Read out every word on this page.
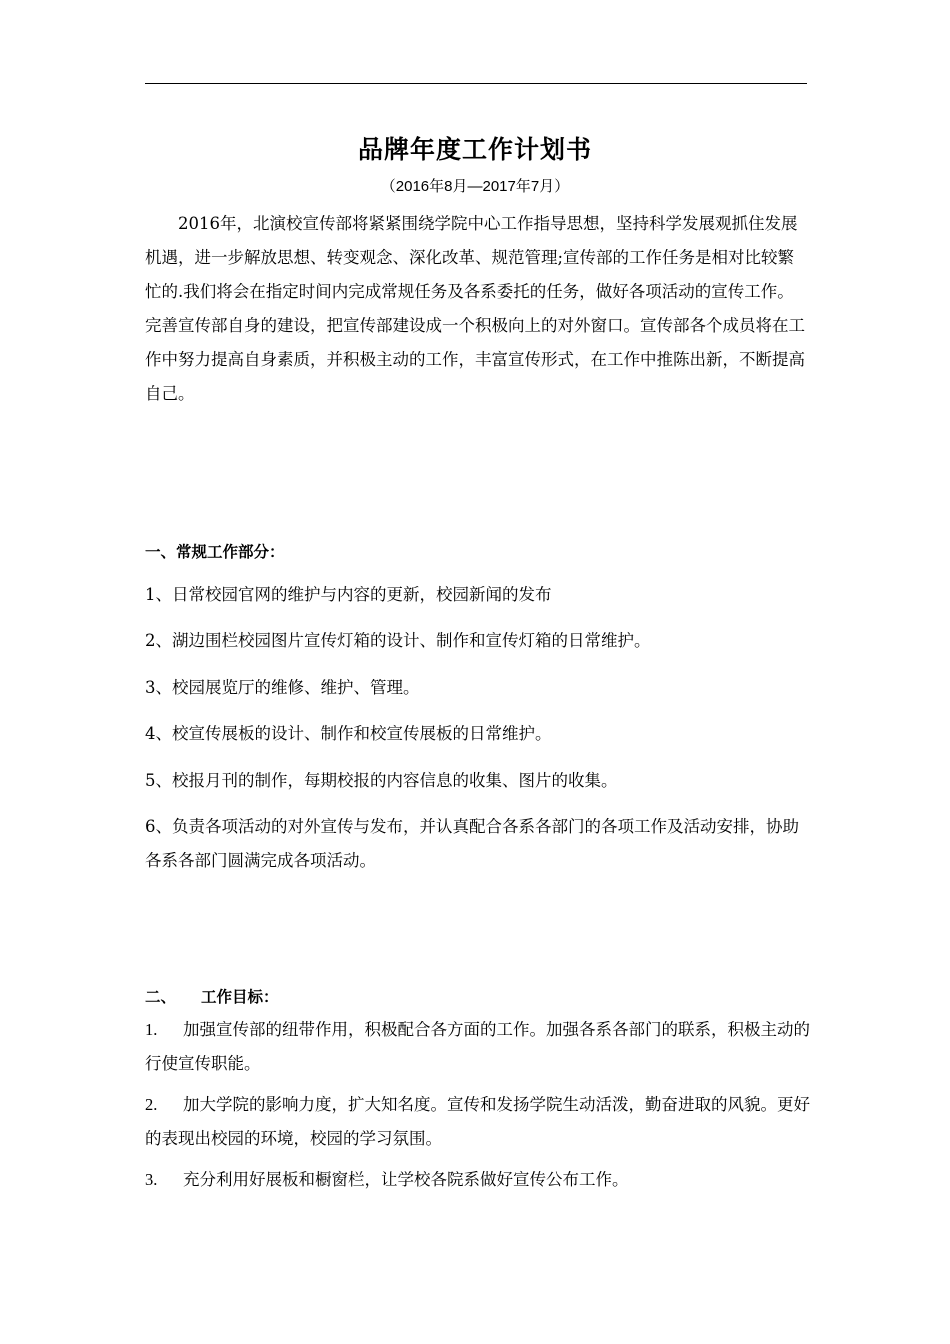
品牌年度工作计划书
（2016年8月—2017年7月）

2016年，北演校宣传部将紧紧围绕学院中心工作指导思想，坚持科学发展观抓住发展机遇，进一步解放思想、转变观念、深化改革、规范管理;宣传部的工作任务是相对比较繁忙的.我们将会在指定时间内完成常规任务及各系委托的任务，做好各项活动的宣传工作。完善宣传部自身的建设，把宣传部建设成一个积极向上的对外窗口。宣传部各个成员将在工作中努力提高自身素质，并积极主动的工作，丰富宣传形式，在工作中推陈出新，不断提高自己。

一、常规工作部分：

1、日常校园官网的维护与内容的更新，校园新闻的发布

2、湖边围栏校园图片宣传灯箱的设计、制作和宣传灯箱的日常维护。

3、校园展览厅的维修、维护、管理。

4、校宣传展板的设计、制作和校宣传展板的日常维护。

5、校报月刊的制作，每期校报的内容信息的收集、图片的收集。

6、负责各项活动的对外宣传与发布，并认真配合各系各部门的各项工作及活动安排，协助各系各部门圆满完成各项活动。

二、 工作目标：

1. 加强宣传部的纽带作用，积极配合各方面的工作。加强各系各部门的联系，积极主动的行使宣传职能。

2. 加大学院的影响力度，扩大知名度。宣传和发扬学院生动活泼，勤奋进取的风貌。更好的表现出校园的环境，校园的学习氛围。

3. 充分利用好展板和橱窗栏，让学校各院系做好宣传公布工作。
